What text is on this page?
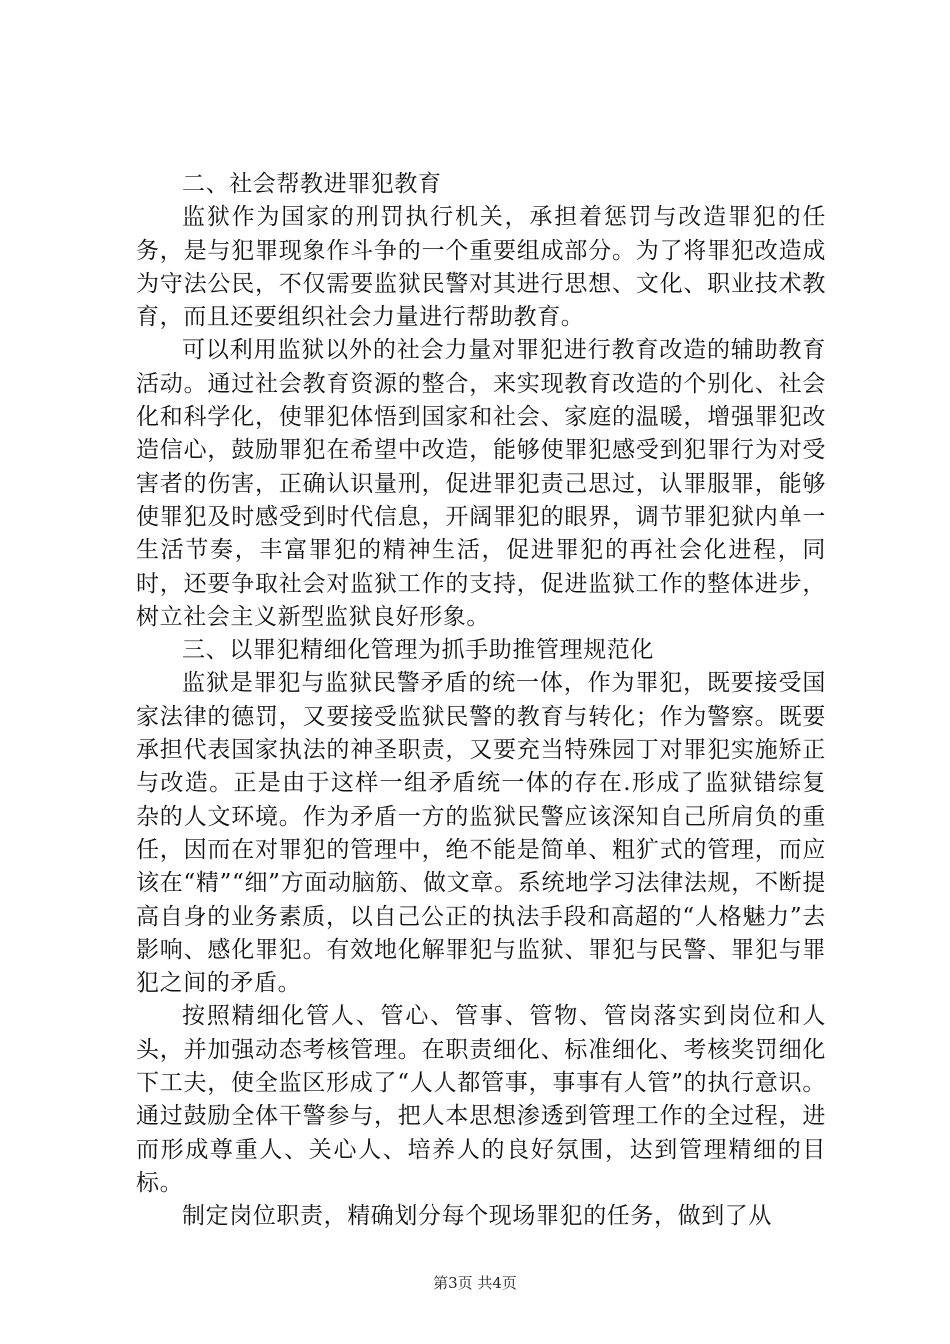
二、社会帮教进罪犯教育

监狱作为国家的刑罚执行机关，承担着惩罚与改造罪犯的任务，是与犯罪现象作斗争的一个重要组成部分。为了将罪犯改造成为守法公民，不仅需要监狱民警对其进行思想、文化、职业技术教育，而且还要组织社会力量进行帮助教育。

可以利用监狱以外的社会力量对罪犯进行教育改造的辅助教育活动。通过社会教育资源的整合，来实现教育改造的个别化、社会化和科学化，使罪犯体悟到国家和社会、家庭的温暖，增强罪犯改造信心，鼓励罪犯在希望中改造，能够使罪犯感受到犯罪行为对受害者的伤害，正确认识量刑，促进罪犯责己思过，认罪服罪，能够使罪犯及时感受到时代信息，开阔罪犯的眼界，调节罪犯狱内单一生活节奏，丰富罪犯的精神生活，促进罪犯的再社会化进程，同时，还要争取社会对监狱工作的支持，促进监狱工作的整体进步，树立社会主义新型监狱良好形象。

三、以罪犯精细化管理为抓手助推管理规范化

监狱是罪犯与监狱民警矛盾的统一体，作为罪犯，既要接受国家法律的德罚，又要接受监狱民警的教育与转化；作为警察。既要承担代表国家执法的神圣职责，又要充当特殊园丁对罪犯实施矫正与改造。正是由于这样一组矛盾统一体的存在.形成了监狱错综复杂的人文环境。作为矛盾一方的监狱民警应该深知自己所肩负的重任，因而在对罪犯的管理中，绝不能是简单、粗犷式的管理，而应该在“精”“细”方面动脑筋、做文章。系统地学习法律法规，不断提高自身的业务素质，以自己公正的执法手段和高超的“人格魅力”去影响、感化罪犯。有效地化解罪犯与监狱、罪犯与民警、罪犯与罪犯之间的矛盾。

按照精细化管人、管心、管事、管物、管岗落实到岗位和人头，并加强动态考核管理。在职责细化、标准细化、考核奖罚细化下工夫，使全监区形成了“人人都管事，事事有人管”的执行意识。通过鼓励全体干警参与，把人本思想渗透到管理工作的全过程，进而形成尊重人、关心人、培养人的良好氛围，达到管理精细的目标。

制定岗位职责，精确划分每个现场罪犯的任务，做到了从

第3页 共4页
